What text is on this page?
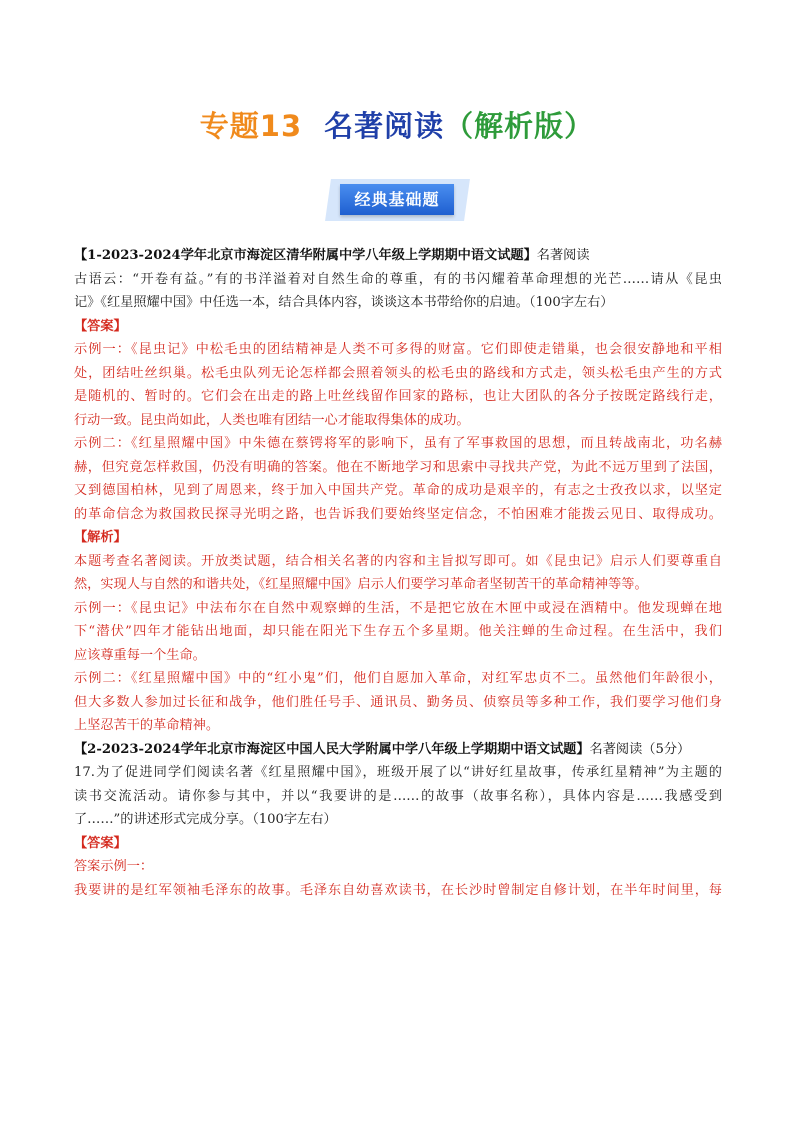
专题13 名著阅读（解析版）
经典基础题
【1-2023-2024学年北京市海淀区清华附属中学八年级上学期期中语文试题】名著阅读
古语云：“开卷有益。”有的书洋溢着对自然生命的尊重，有的书闪耀着革命理想的光芒……请从《昆虫
记》《红星照耀中国》中任选一本，结合具体内容，谈谈这本书带给你的启迪。（100字左右）
【答案】
示例一：《昆虫记》中松毛虫的团结精神是人类不可多得的财富。它们即使走错巢，也会很安静地和平相
处，团结吐丝织巢。松毛虫队列无论怎样都会照着领头的松毛虫的路线和方式走，领头松毛虫产生的方式
是随机的、暂时的。它们会在出走的路上吐丝线留作回家的路标，也让大团队的各分子按既定路线行走，
行动一致。昆虫尚如此，人类也唯有团结一心才能取得集体的成功。
示例二：《红星照耀中国》中朱德在蔡锷将军的影响下，虽有了军事救国的思想，而且转战南北，功名赫
赫，但究竟怎样救国，仍没有明确的答案。他在不断地学习和思索中寻找共产党，为此不远万里到了法国，
又到德国柏林，见到了周恩来，终于加入中国共产党。革命的成功是艰辛的，有志之士孜孜以求，以坚定
的革命信念为救国救民探寻光明之路，也告诉我们要始终坚定信念，不怕困难才能拨云见日、取得成功。
【解析】
本题考查名著阅读。开放类试题，结合相关名著的内容和主旨拟写即可。如《昆虫记》启示人们要尊重自
然，实现人与自然的和谐共处，《红星照耀中国》启示人们要学习革命者坚韧苦干的革命精神等等。
示例一：《昆虫记》中法布尔在自然中观察蝉的生活，不是把它放在木匣中或浸在酒精中。他发现蝉在地
下“潜伏”四年才能钻出地面，却只能在阳光下生存五个多星期。他关注蝉的生命过程。在生活中，我们
应该尊重每一个生命。
示例二：《红星照耀中国》中的“红小鬼”们，他们自愿加入革命，对红军忠贞不二。虽然他们年龄很小，
但大多数人参加过长征和战争，他们胜任号手、通讯员、勤务员、侦察员等多种工作，我们要学习他们身
上坚忍苦干的革命精神。
【2-2023-2024学年北京市海淀区中国人民大学附属中学八年级上学期期中语文试题】名著阅读（5分）
17.为了促进同学们阅读名著《红星照耀中国》，班级开展了以“讲好红星故事，传承红星精神”为主题的
读书交流活动。请你参与其中，并以“我要讲的是……的故事（故事名称），具体内容是……我感受到
了……”的讲述形式完成分享。（100字左右）
【答案】
答案示例一：
我要讲的是红军领袖毛泽东的故事。毛泽东自幼喜欢读书，在长沙时曾制定自修计划，在半年时间里，每
